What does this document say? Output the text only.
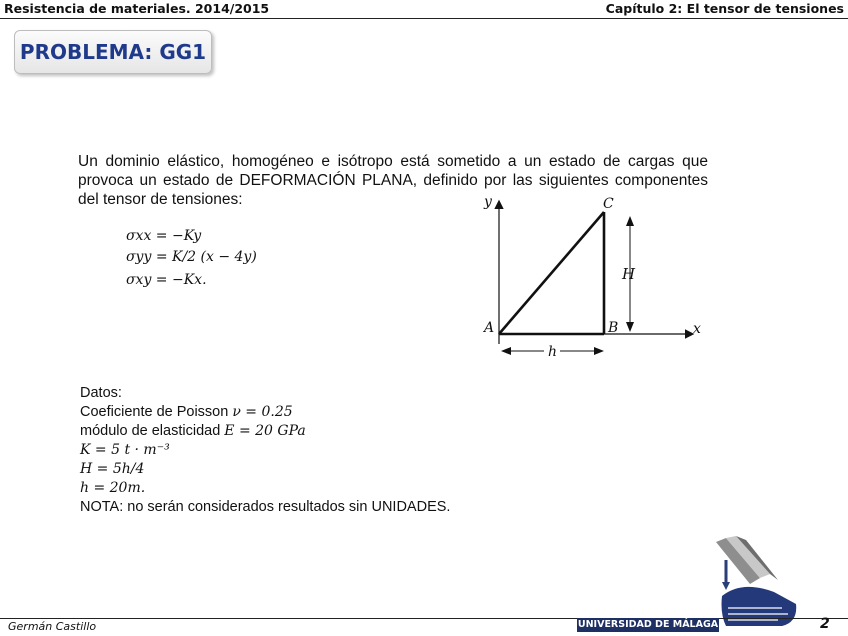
Resistencia de materiales. 2014/2015	Capítulo 2: El tensor de tensiones
PROBLEMA: GG1

Un dominio elástico, homogéneo e isótropo está sometido a un estado de cargas que provoca un estado de DEFORMACIÓN PLANA, definido por las siguientes componentes del tensor de tensiones:

σxx = −Ky
σyy = K/2 (x − 4y)
σxy = −Kx.
y
x
A	B
C
H
h
Datos:
Coeficiente de Poisson ν = 0.25
módulo de elasticidad E = 20 GPa
K = 5 t · m⁻³
H = 5h/4
h = 20m.
NOTA: no serán considerados resultados sin UNIDADES.
Germán Castillo	UNIVERSIDAD DE MÁLAGA	2
